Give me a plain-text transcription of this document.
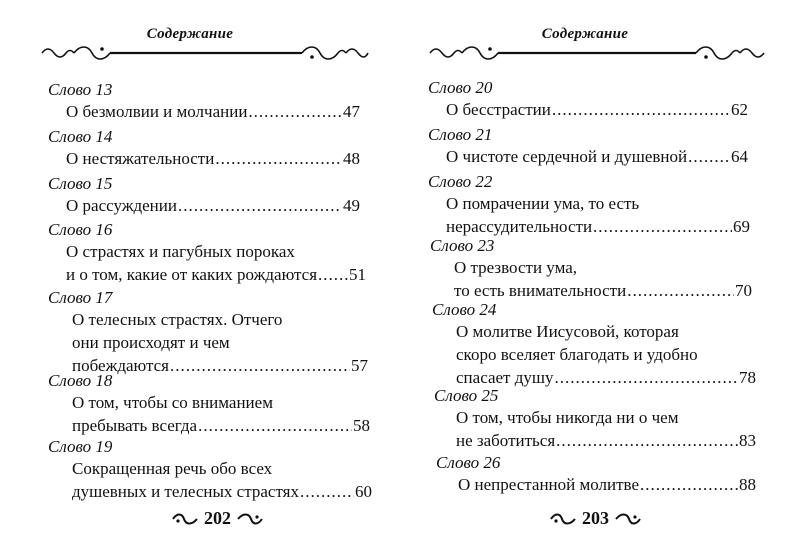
Содержание
Слово 13
О безмолвии и молчании .....	47
Слово 14
О нестяжательности .....	48
Слово 15
О рассуждении .....	49
Слово 16
О страстях и пагубных пороках
и о том, какие от каких рождаются ..... 51
Слово 17
О телесных страстях. Отчего
они происходят и чем
побеждаются .....	57
Слово 18
О том, чтобы со вниманием
пребывать всегда .....	58
Слово 19
Сокращенная речь обо всех
душевных и телесных страстях .....	60
202
Содержание
Слово 20
О бесстрастии .....	62
Слово 21
О чистоте сердечной и душевной .....	64
Слово 22
О помрачении ума, то есть
нерассудительности .....	69
Слово 23
О трезвости ума,
то есть внимательности .....	70
Слово 24
О молитве Иисусовой, которая
скоро вселяет благодать и удобно
спасает душу .....	78
Слово 25
О том, чтобы никогда ни о чем
не заботиться .....	83
Слово 26
О непрестанной молитве .....	88
203
